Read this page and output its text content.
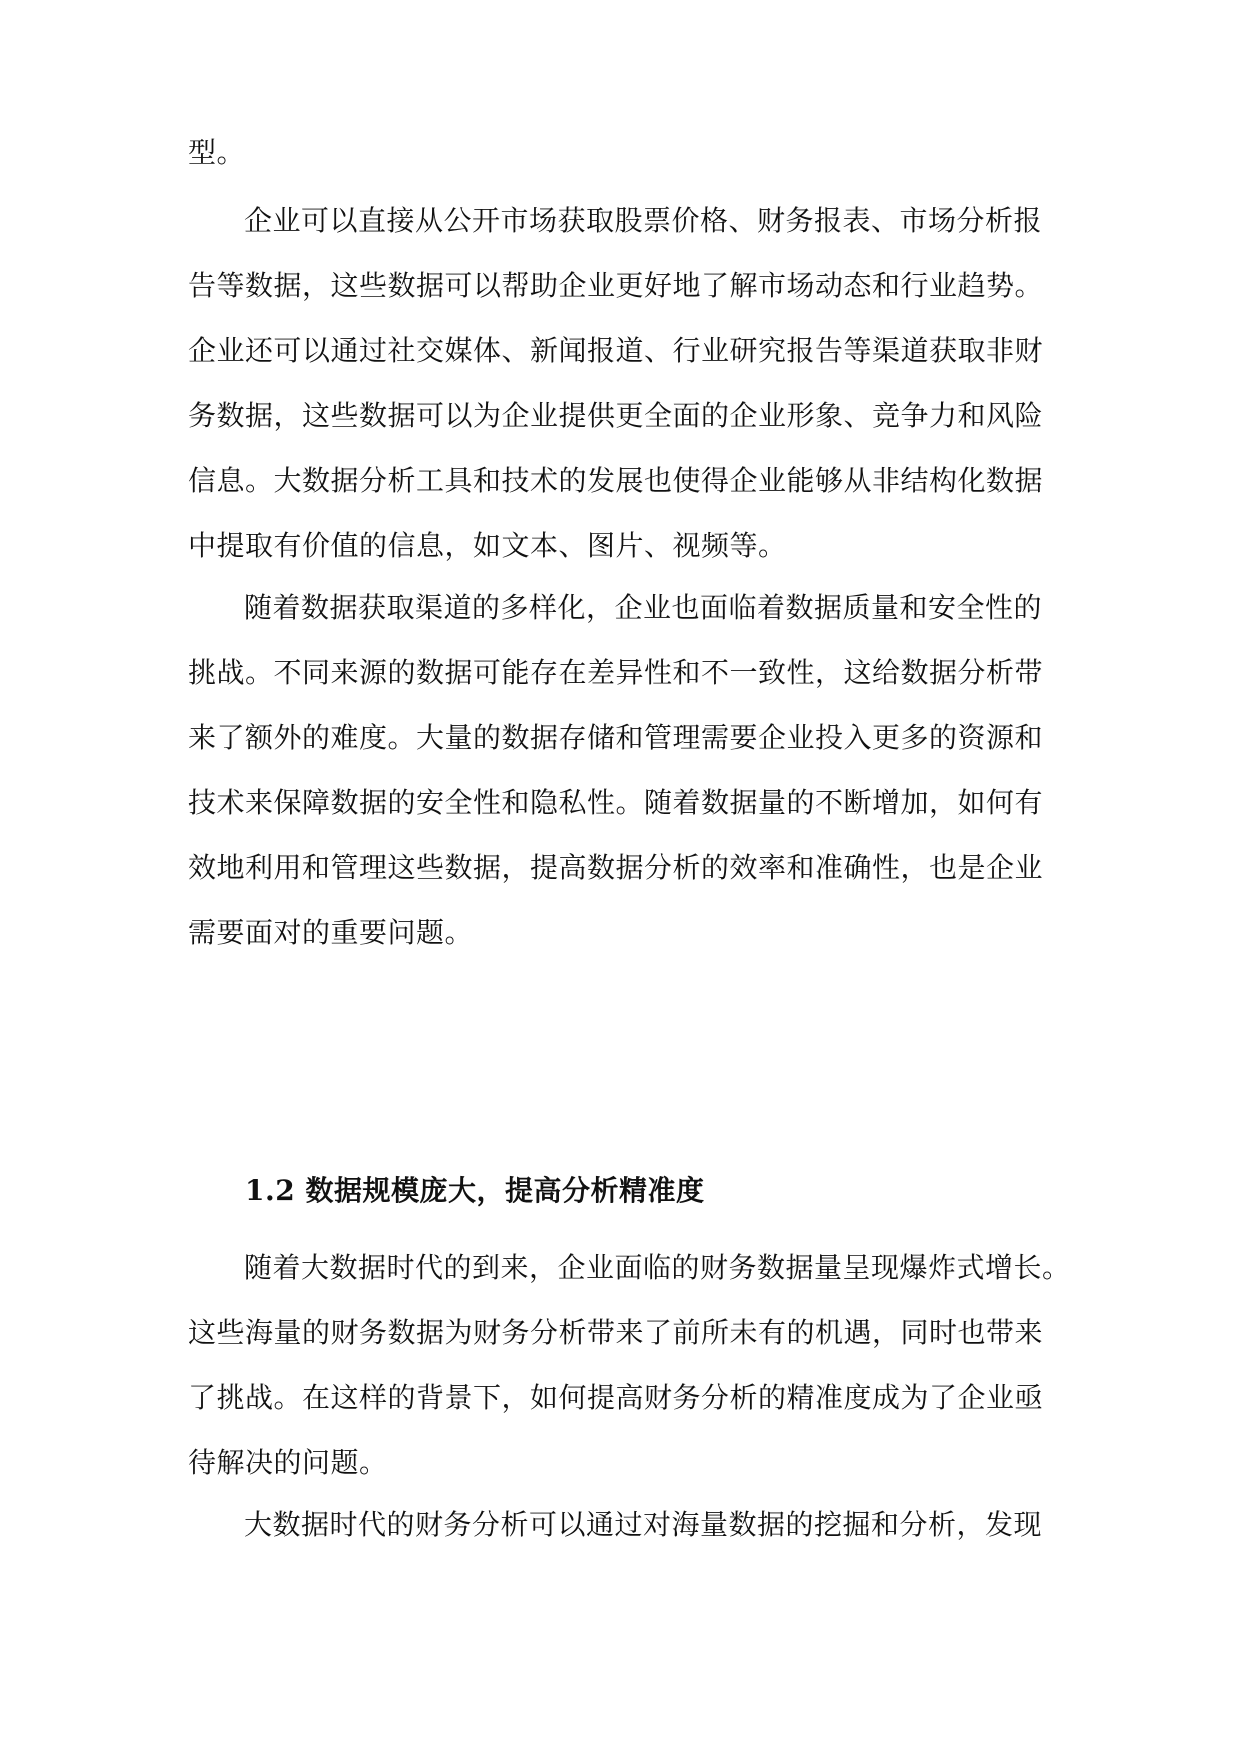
型。
企业可以直接从公开市场获取股票价格、财务报表、市场分析报
告等数据，这些数据可以帮助企业更好地了解市场动态和行业趋势。
企业还可以通过社交媒体、新闻报道、行业研究报告等渠道获取非财
务数据，这些数据可以为企业提供更全面的企业形象、竞争力和风险
信息。大数据分析工具和技术的发展也使得企业能够从非结构化数据
中提取有价值的信息，如文本、图片、视频等。
随着数据获取渠道的多样化，企业也面临着数据质量和安全性的
挑战。不同来源的数据可能存在差异性和不一致性，这给数据分析带
来了额外的难度。大量的数据存储和管理需要企业投入更多的资源和
技术来保障数据的安全性和隐私性。随着数据量的不断增加，如何有
效地利用和管理这些数据，提高数据分析的效率和准确性，也是企业
需要面对的重要问题。
1.2 数据规模庞大，提高分析精准度
随着大数据时代的到来，企业面临的财务数据量呈现爆炸式增长。
这些海量的财务数据为财务分析带来了前所未有的机遇，同时也带来
了挑战。在这样的背景下，如何提高财务分析的精准度成为了企业亟
待解决的问题。
大数据时代的财务分析可以通过对海量数据的挖掘和分析，发现
